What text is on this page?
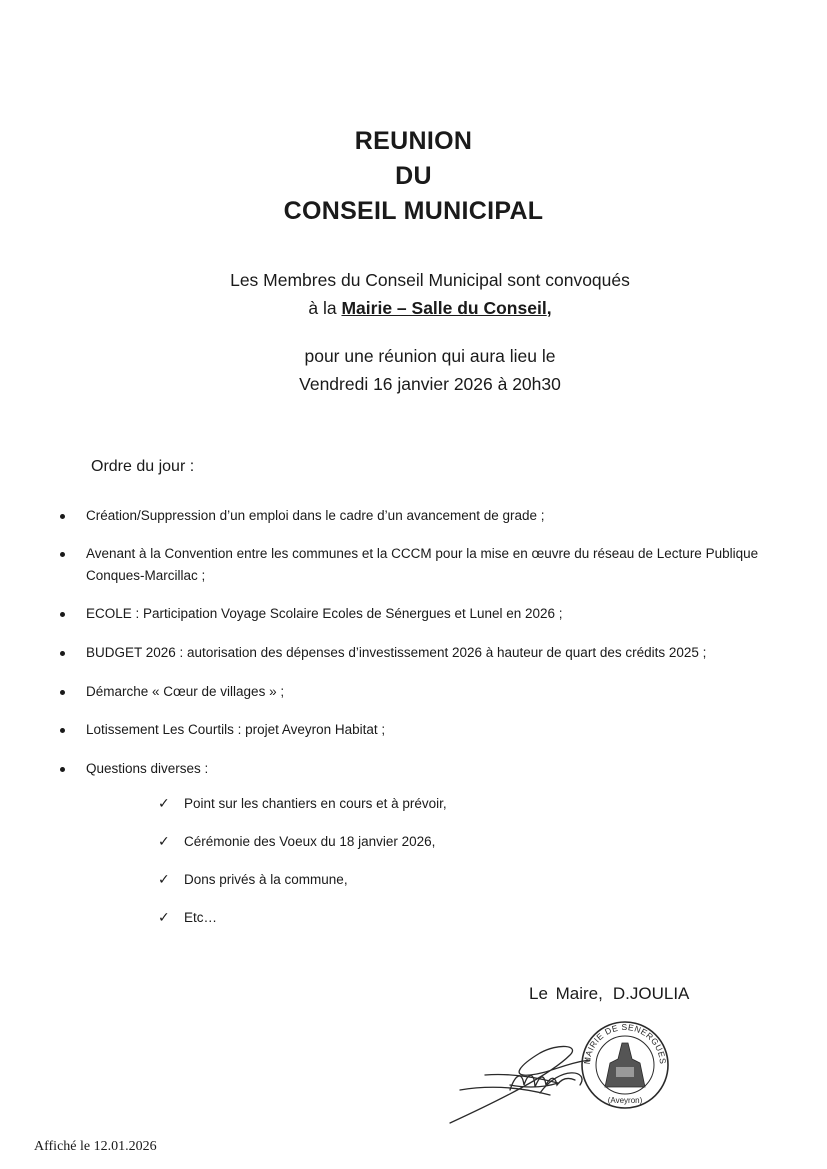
REUNION
DU
CONSEIL MUNICIPAL
Les Membres du Conseil Municipal sont convoqués
à la Mairie – Salle du Conseil,
pour une réunion qui aura lieu le
Vendredi 16 janvier 2026 à 20h30
Ordre du jour :
Création/Suppression d’un emploi dans le cadre d’un avancement de grade ;
Avenant à la Convention entre les communes et la CCCM pour la mise en œuvre du réseau de Lecture Publique Conques-Marcillac ;
ECOLE : Participation Voyage Scolaire Ecoles de Sénergues et Lunel en 2026 ;
BUDGET 2026 : autorisation des dépenses d’investissement 2026 à hauteur de quart des crédits 2025 ;
Démarche « Cœur de villages » ;
Lotissement Les Courtils : projet Aveyron Habitat ;
Questions diverses :
✓ Point sur les chantiers en cours et à prévoir,
✓ Cérémonie des Voeux du 18 janvier 2026,
✓ Dons privés à la commune,
✓ Etc…
Le Maire, D.JOULIA
MAIRIE DE SENERGUES
(Aveyron)
Affiché le 12.01.2026
